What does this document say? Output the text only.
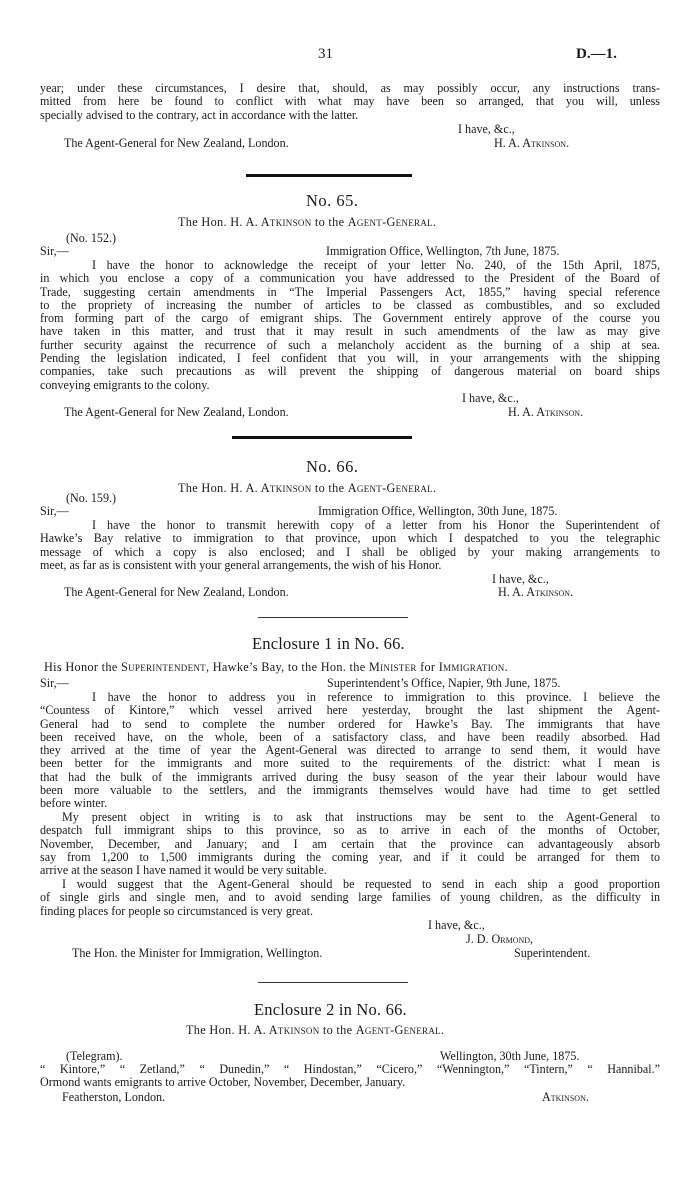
31	D.—1.
year; under these circumstances, I desire that, should, as may possibly occur, any instructions trans-
mitted from here be found to conflict with what may have been so arranged, that you will, unless
specially advised to the contrary, act in accordance with the latter.
I have, &c.,
The Agent-General for New Zealand, London.	H. A. Atkinson.
No. 65.
The Hon. H. A. Atkinson to the Agent-General.
(No. 152.)
Sir,—	Immigration Office, Wellington, 7th June, 1875.
I have the honor to acknowledge the receipt of your letter No. 240, of the 15th April, 1875,
in which you enclose a copy of a communication you have addressed to the President of the Board of
Trade, suggesting certain amendments in “The Imperial Passengers Act, 1855,” having special reference
to the propriety of increasing the number of articles to be classed as combustibles, and so excluded
from forming part of the cargo of emigrant ships. The Government entirely approve of the course you
have taken in this matter, and trust that it may result in such amendments of the law as may give
further security against the recurrence of such a melancholy accident as the burning of a ship at sea.
Pending the legislation indicated, I feel confident that you will, in your arrangements with the shipping
companies, take such precautions as will prevent the shipping of dangerous material on board ships
conveying emigrants to the colony.
I have, &c.,
The Agent-General for New Zealand, London.	H. A. Atkinson.
No. 66.
The Hon. H. A. Atkinson to the Agent-General.
(No. 159.)
Sir,—	Immigration Office, Wellington, 30th June, 1875.
I have the honor to transmit herewith copy of a letter from his Honor the Superintendent of
Hawke’s Bay relative to immigration to that province, upon which I despatched to you the telegraphic
message of which a copy is also enclosed; and I shall be obliged by your making arrangements to
meet, as far as is consistent with your general arrangements, the wish of his Honor.
I have, &c.,
The Agent-General for New Zealand, London.	H. A. Atkinson.
Enclosure 1 in No. 66.
His Honor the Superintendent, Hawke’s Bay, to the Hon. the Minister for Immigration.
Sir,—	Superintendent’s Office, Napier, 9th June, 1875.
I have the honor to address you in reference to immigration to this province. I believe the
“Countess of Kintore,” which vessel arrived here yesterday, brought the last shipment the Agent-
General had to send to complete the number ordered for Hawke’s Bay. The immigrants that have
been received have, on the whole, been of a satisfactory class, and have been readily absorbed. Had
they arrived at the time of year the Agent-General was directed to arrange to send them, it would have
been better for the immigrants and more suited to the requirements of the district: what I mean is
that had the bulk of the immigrants arrived during the busy season of the year their labour would have
been more valuable to the settlers, and the immigrants themselves would have had time to get settled
before winter.
My present object in writing is to ask that instructions may be sent to the Agent-General to
despatch full immigrant ships to this province, so as to arrive in each of the months of October,
November, December, and January; and I am certain that the province can advantageously absorb
say from 1,200 to 1,500 immigrants during the coming year, and if it could be arranged for them to
arrive at the season I have named it would be very suitable.
I would suggest that the Agent-General should be requested to send in each ship a good proportion
of single girls and single men, and to avoid sending large families of young children, as the difficulty in
finding places for people so circumstanced is very great.
I have, &c.,
J. D. Ormond,
The Hon. the Minister for Immigration, Wellington.	Superintendent.
Enclosure 2 in No. 66.
The Hon. H. A. Atkinson to the Agent-General.
(Telegram).	Wellington, 30th June, 1875.
“ Kintore,” “ Zetland,” “ Dunedin,” “ Hindostan,” “Cicero,” “Wennington,” “Tintern,” “ Hannibal.”
Ormond wants emigrants to arrive October, November, December, January.
Featherston, London.	Atkinson.
